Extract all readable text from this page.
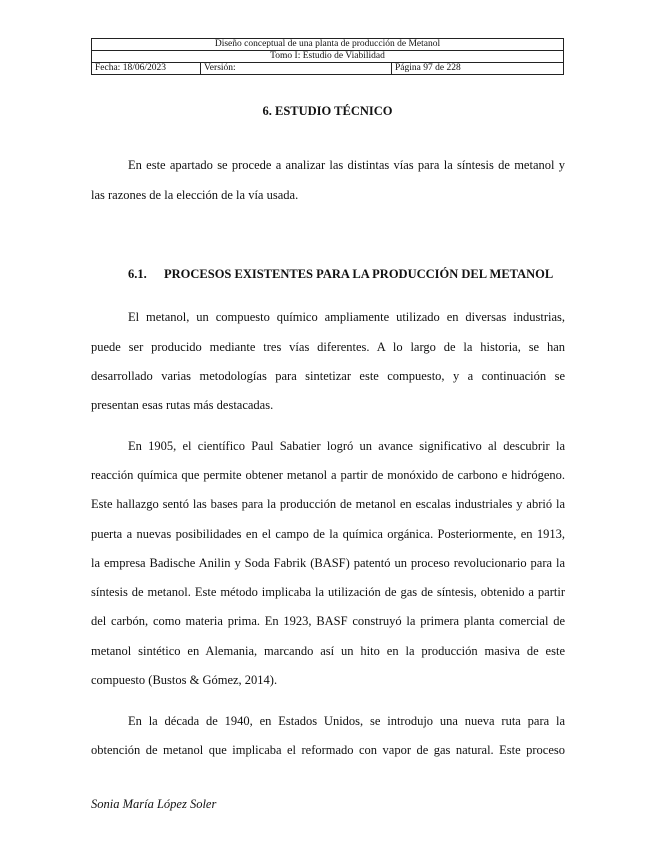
Diseño conceptual de una planta de producción de Metanol
Tomo I: Estudio de Viabilidad
Fecha: 18/06/2023	Versión:	Página 97 de 228
6. ESTUDIO TÉCNICO
En este apartado se procede a analizar las distintas vías para la síntesis de metanol y
las razones de la elección de la vía usada.
6.1. PROCESOS EXISTENTES PARA LA PRODUCCIÓN DEL METANOL
El metanol, un compuesto químico ampliamente utilizado en diversas industrias,
puede ser producido mediante tres vías diferentes. A lo largo de la historia, se han
desarrollado varias metodologías para sintetizar este compuesto, y a continuación se
presentan esas rutas más destacadas.
En 1905, el científico Paul Sabatier logró un avance significativo al descubrir la
reacción química que permite obtener metanol a partir de monóxido de carbono e hidrógeno.
Este hallazgo sentó las bases para la producción de metanol en escalas industriales y abrió la
puerta a nuevas posibilidades en el campo de la química orgánica. Posteriormente, en 1913,
la empresa Badische Anilin y Soda Fabrik (BASF) patentó un proceso revolucionario para la
síntesis de metanol. Este método implicaba la utilización de gas de síntesis, obtenido a partir
del carbón, como materia prima. En 1923, BASF construyó la primera planta comercial de
metanol sintético en Alemania, marcando así un hito en la producción masiva de este
compuesto (Bustos & Gómez, 2014).
En la década de 1940, en Estados Unidos, se introdujo una nueva ruta para la
obtención de metanol que implicaba el reformado con vapor de gas natural. Este proceso
Sonia María López Soler
